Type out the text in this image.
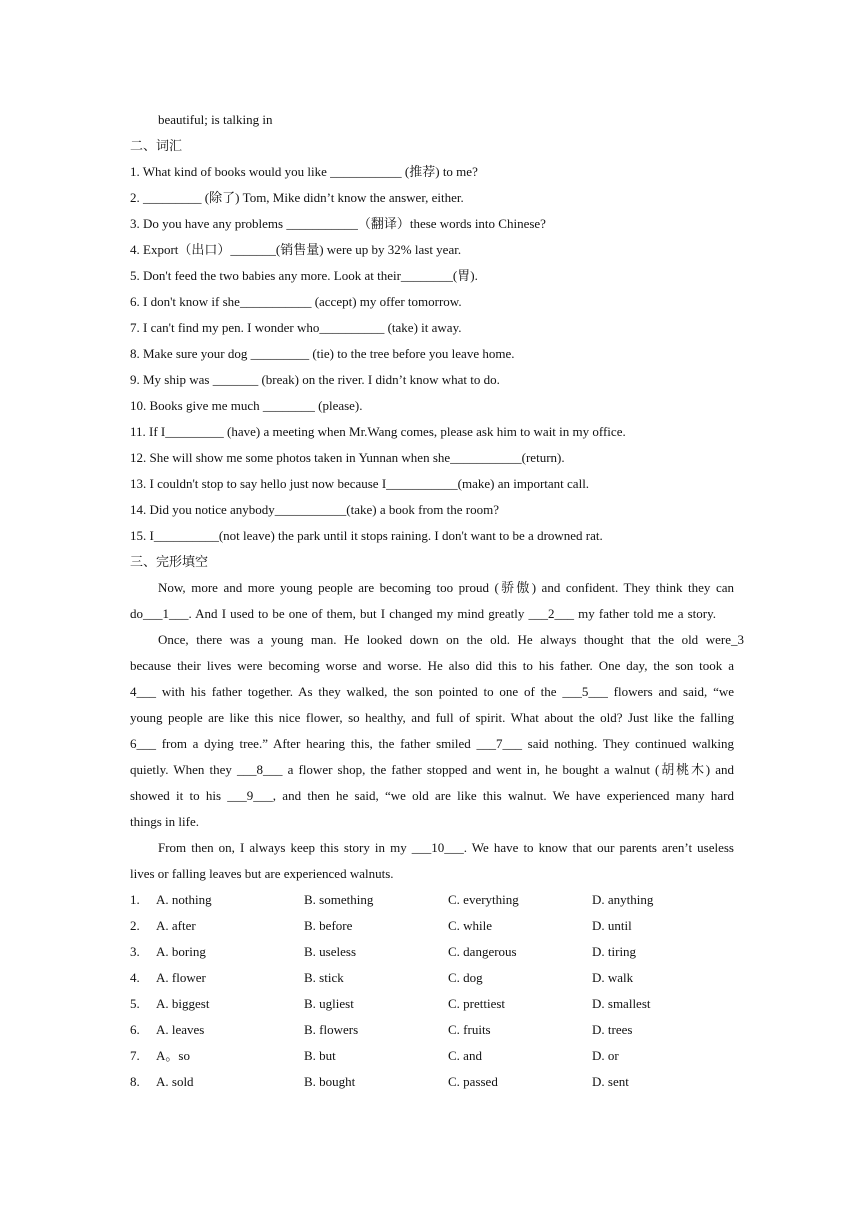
beautiful; is talking in
二、词汇
1. What kind of books would you like ___________ (推荐) to me?
2. _________ (除了) Tom, Mike didn’t know the answer, either.
3. Do you have any problems ___________（翻译）these words into Chinese?
4. Export（出口）_______(销售量) were up by 32% last year.
5. Don't feed the two babies any more. Look at their________(胃).
6. I don't know if she___________ (accept) my offer tomorrow.
7. I can't find my pen. I wonder who__________ (take) it away.
8. Make sure your dog _________ (tie) to the tree before you leave home.
9. My ship was _______ (break) on the river. I didn’t know what to do.
10. Books give me much ________ (please).
11. If I_________ (have) a meeting when Mr.Wang comes, please ask him to wait in my office.
12. She will show me some photos taken in Yunnan when she___________(return).
13. I couldn't stop to say hello just now because I___________(make) an important call.
14. Did you notice anybody___________(take) a book from the room?
15. I__________(not leave) the park until it stops raining. I don't want to be a drowned rat.
三、完形填空
Now, more and more young people are becoming too proud (骄傲) and confident. They think they can
do___1___. And I used to be one of them, but I changed my mind greatly ___2___ my father told me a story.
Once, there was a young man. He looked down on the old. He always thought that the old were_3
because their lives were becoming worse and worse. He also did this to his father. One day, the son took a
4___ with his father together. As they walked, the son pointed to one of the ___5___ flowers and said, “we
young people are like this nice flower, so healthy, and full of spirit. What about the old? Just like the falling
6___ from a dying tree.” After hearing this, the father smiled ___7___ said nothing. They continued walking
quietly. When they ___8___ a flower shop, the father stopped and went in, he bought a walnut (胡桃木) and
showed it to his ___9___, and then he said, “we old are like this walnut. We have experienced many hard
things in life.
From then on, I always keep this story in my ___10___. We have to know that our parents aren’t useless
lives or falling leaves but are experienced walnuts.
1. A. nothing	B. something	C. everything	D. anything
2. A. after	B. before	C. while	D. until
3. A. boring	B. useless	C. dangerous	D. tiring
4. A. flower	B. stick	C. dog	D. walk
5. A. biggest	B. ugliest	C. prettiest	D. smallest
6. A. leaves	B. flowers	C. fruits	D. trees
7. A。so	B. but	C. and	D. or
8. A. sold	B. bought	C. passed	D. sent
